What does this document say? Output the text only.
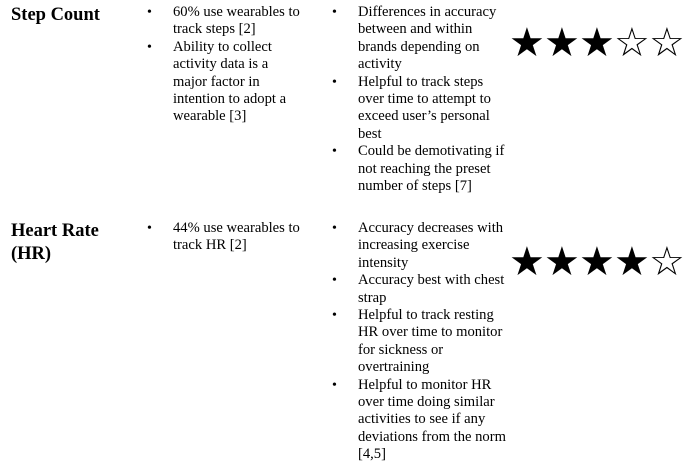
Step Count	• 60% use wearables to track steps [2]
• Ability to collect activity data is a major factor in intention to adopt a wearable [3]
• Differences in accuracy between and within brands depending on activity
• Helpful to track steps over time to attempt to exceed user’s personal best
• Could be demotivating if not reaching the preset number of steps [7]
★ ★ ★ ☆ ☆
Heart Rate (HR)
• 44% use wearables to track HR [2]
• Accuracy decreases with increasing exercise intensity
• Accuracy best with chest strap
• Helpful to track resting HR over time to monitor for sickness or overtraining
• Helpful to monitor HR over time doing similar activities to see if any deviations from the norm [4,5]
★ ★ ★ ★ ☆
